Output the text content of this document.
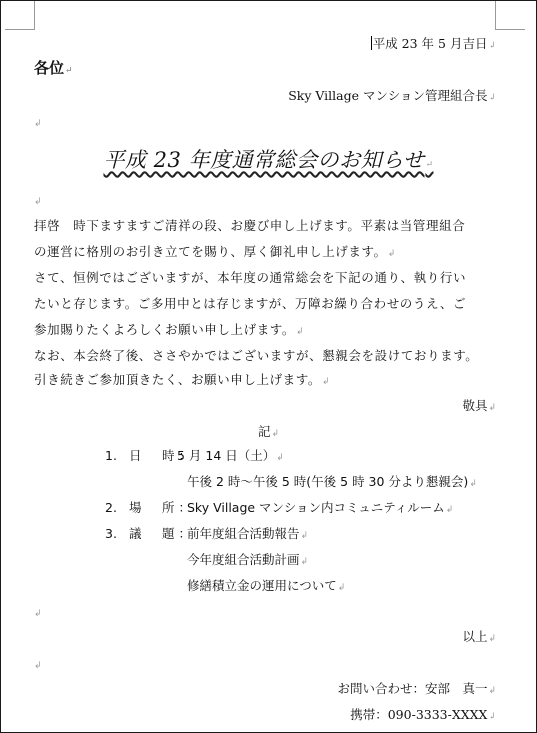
平成 23 年 5 月吉日↲
各位↵
Sky Village マンション管理組合長↲
↲
平成 23 年度通常総会のお知らせ↵
↲
拝啓　時下ますますご清祥の段、お慶び申し上げます。平素は当管理組合
の運営に格別のお引き立てを賜り、厚く御礼申し上げます。↲
さて、恒例ではございますが、本年度の通常総会を下記の通り、執り行い
たいと存じます。ご多用中とは存じますが、万障お繰り合わせのうえ、ご
参加賜りたくよろしくお願い申し上げます。↲
なお、本会終了後、ささやかではございますが、懇親会を設けております。
引き続きご参加頂きたく、お願い申し上げます。↲
敬具↲
記↲
1. 日　時：
5 月 14 日（土）↲
午後 2 時〜午後 5 時(午後 5 時 30 分より懇親会)↲
2. 場　所：
Sky Village マンション内コミュニティルーム↲
3. 議　題：
前年度組合活動報告↲
今年度組合活動計画↲
修繕積立金の運用について↲
↲
以上↲
↲
お問い合わせ：安部　真一↲
携帯：090-3333-XXXX↲
